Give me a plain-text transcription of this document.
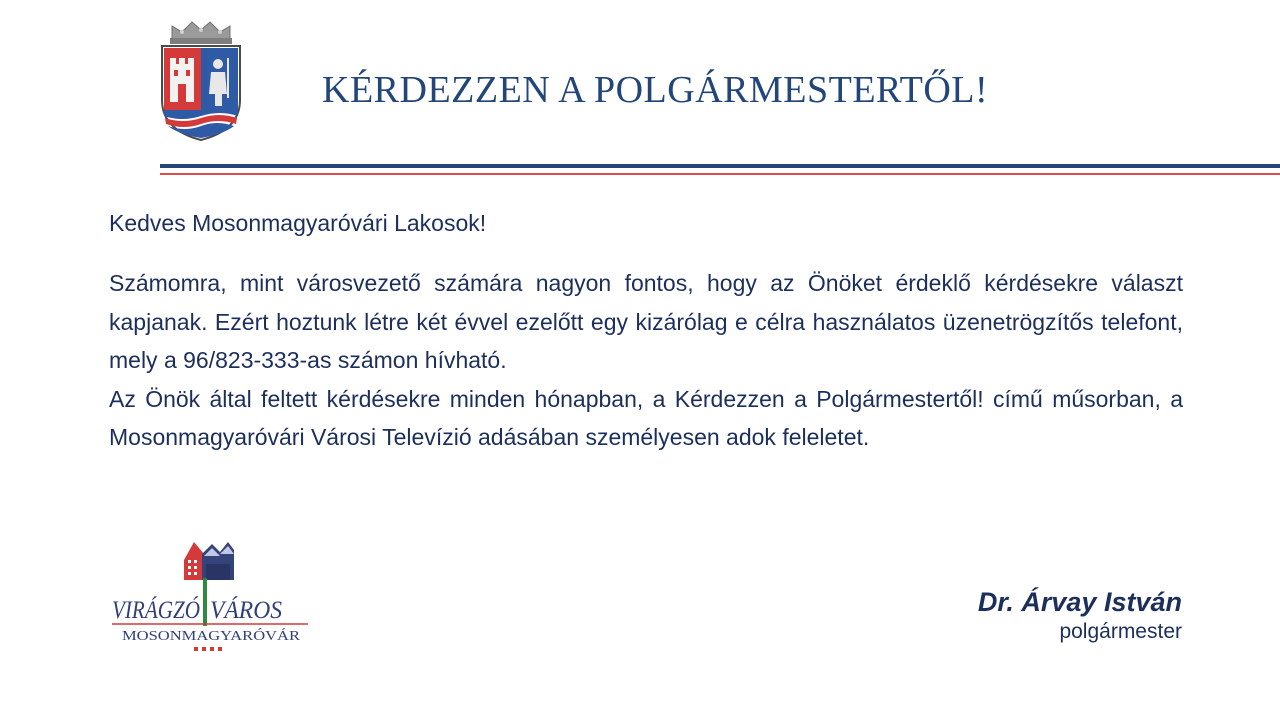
KÉRDEZZEN A POLGÁRMESTERTŐL!

Kedves Mosonmagyaróvári Lakosok!

Számomra, mint városvezető számára nagyon fontos, hogy az Önöket érdeklő kérdésekre választ kapjanak. Ezért hoztunk létre két évvel ezelőtt egy kizárólag e célra használatos üzenetrögzítős telefont, mely a 96/823-333-as számon hívható.

Az Önök által feltett kérdésekre minden hónapban, a Kérdezzen a Polgármestertől! című műsorban, a Mosonmagyaróvári Városi Televízió adásában személyesen adok feleletet.

VIRÁGZÓ
VÁROS
MOSONMAGYARÓVÁR
Dr. Árvay István
polgármester
